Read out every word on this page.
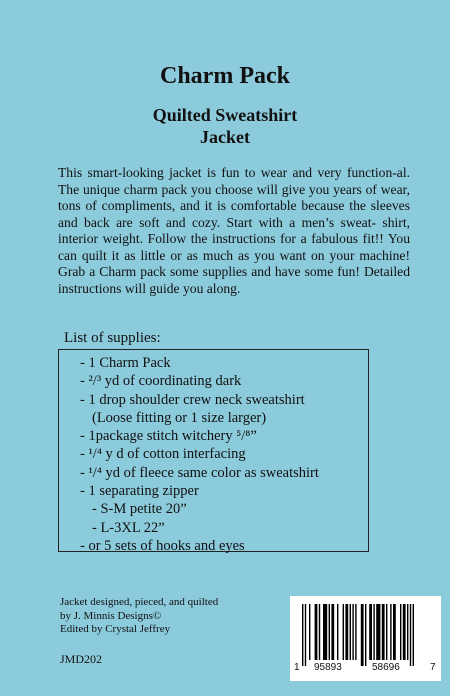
Charm Pack
Quilted Sweatshirt
Jacket
This smart-looking jacket is fun to wear and very function-al. The unique charm pack you choose will give you years of wear, tons of compliments, and it is comfortable because the sleeves and back are soft and cozy. Start with a men’s sweat- shirt, interior weight. Follow the instructions for a fabulous fit!! You can quilt it as little or as much as you want on your machine! Grab a Charm pack some supplies and have some fun! Detailed instructions will guide you along.
List of supplies:
- 1 Charm Pack
- ²/³ yd of coordinating dark
- 1 drop shoulder crew neck sweatshirt
(Loose fitting or 1 size larger)
- 1package stitch witchery ⁵/⁸”
- ¹/⁴ y d of cotton interfacing
- ¹/⁴ yd of fleece same color as sweatshirt
- 1 separating zipper
- S-M petite 20”
- L-3XL 22”
- or 5 sets of hooks and eyes
Jacket designed, pieced, and quilted
by J. Minnis Designs©
Edited by Crystal Jeffrey
JMD202
1 95893	58696	7
